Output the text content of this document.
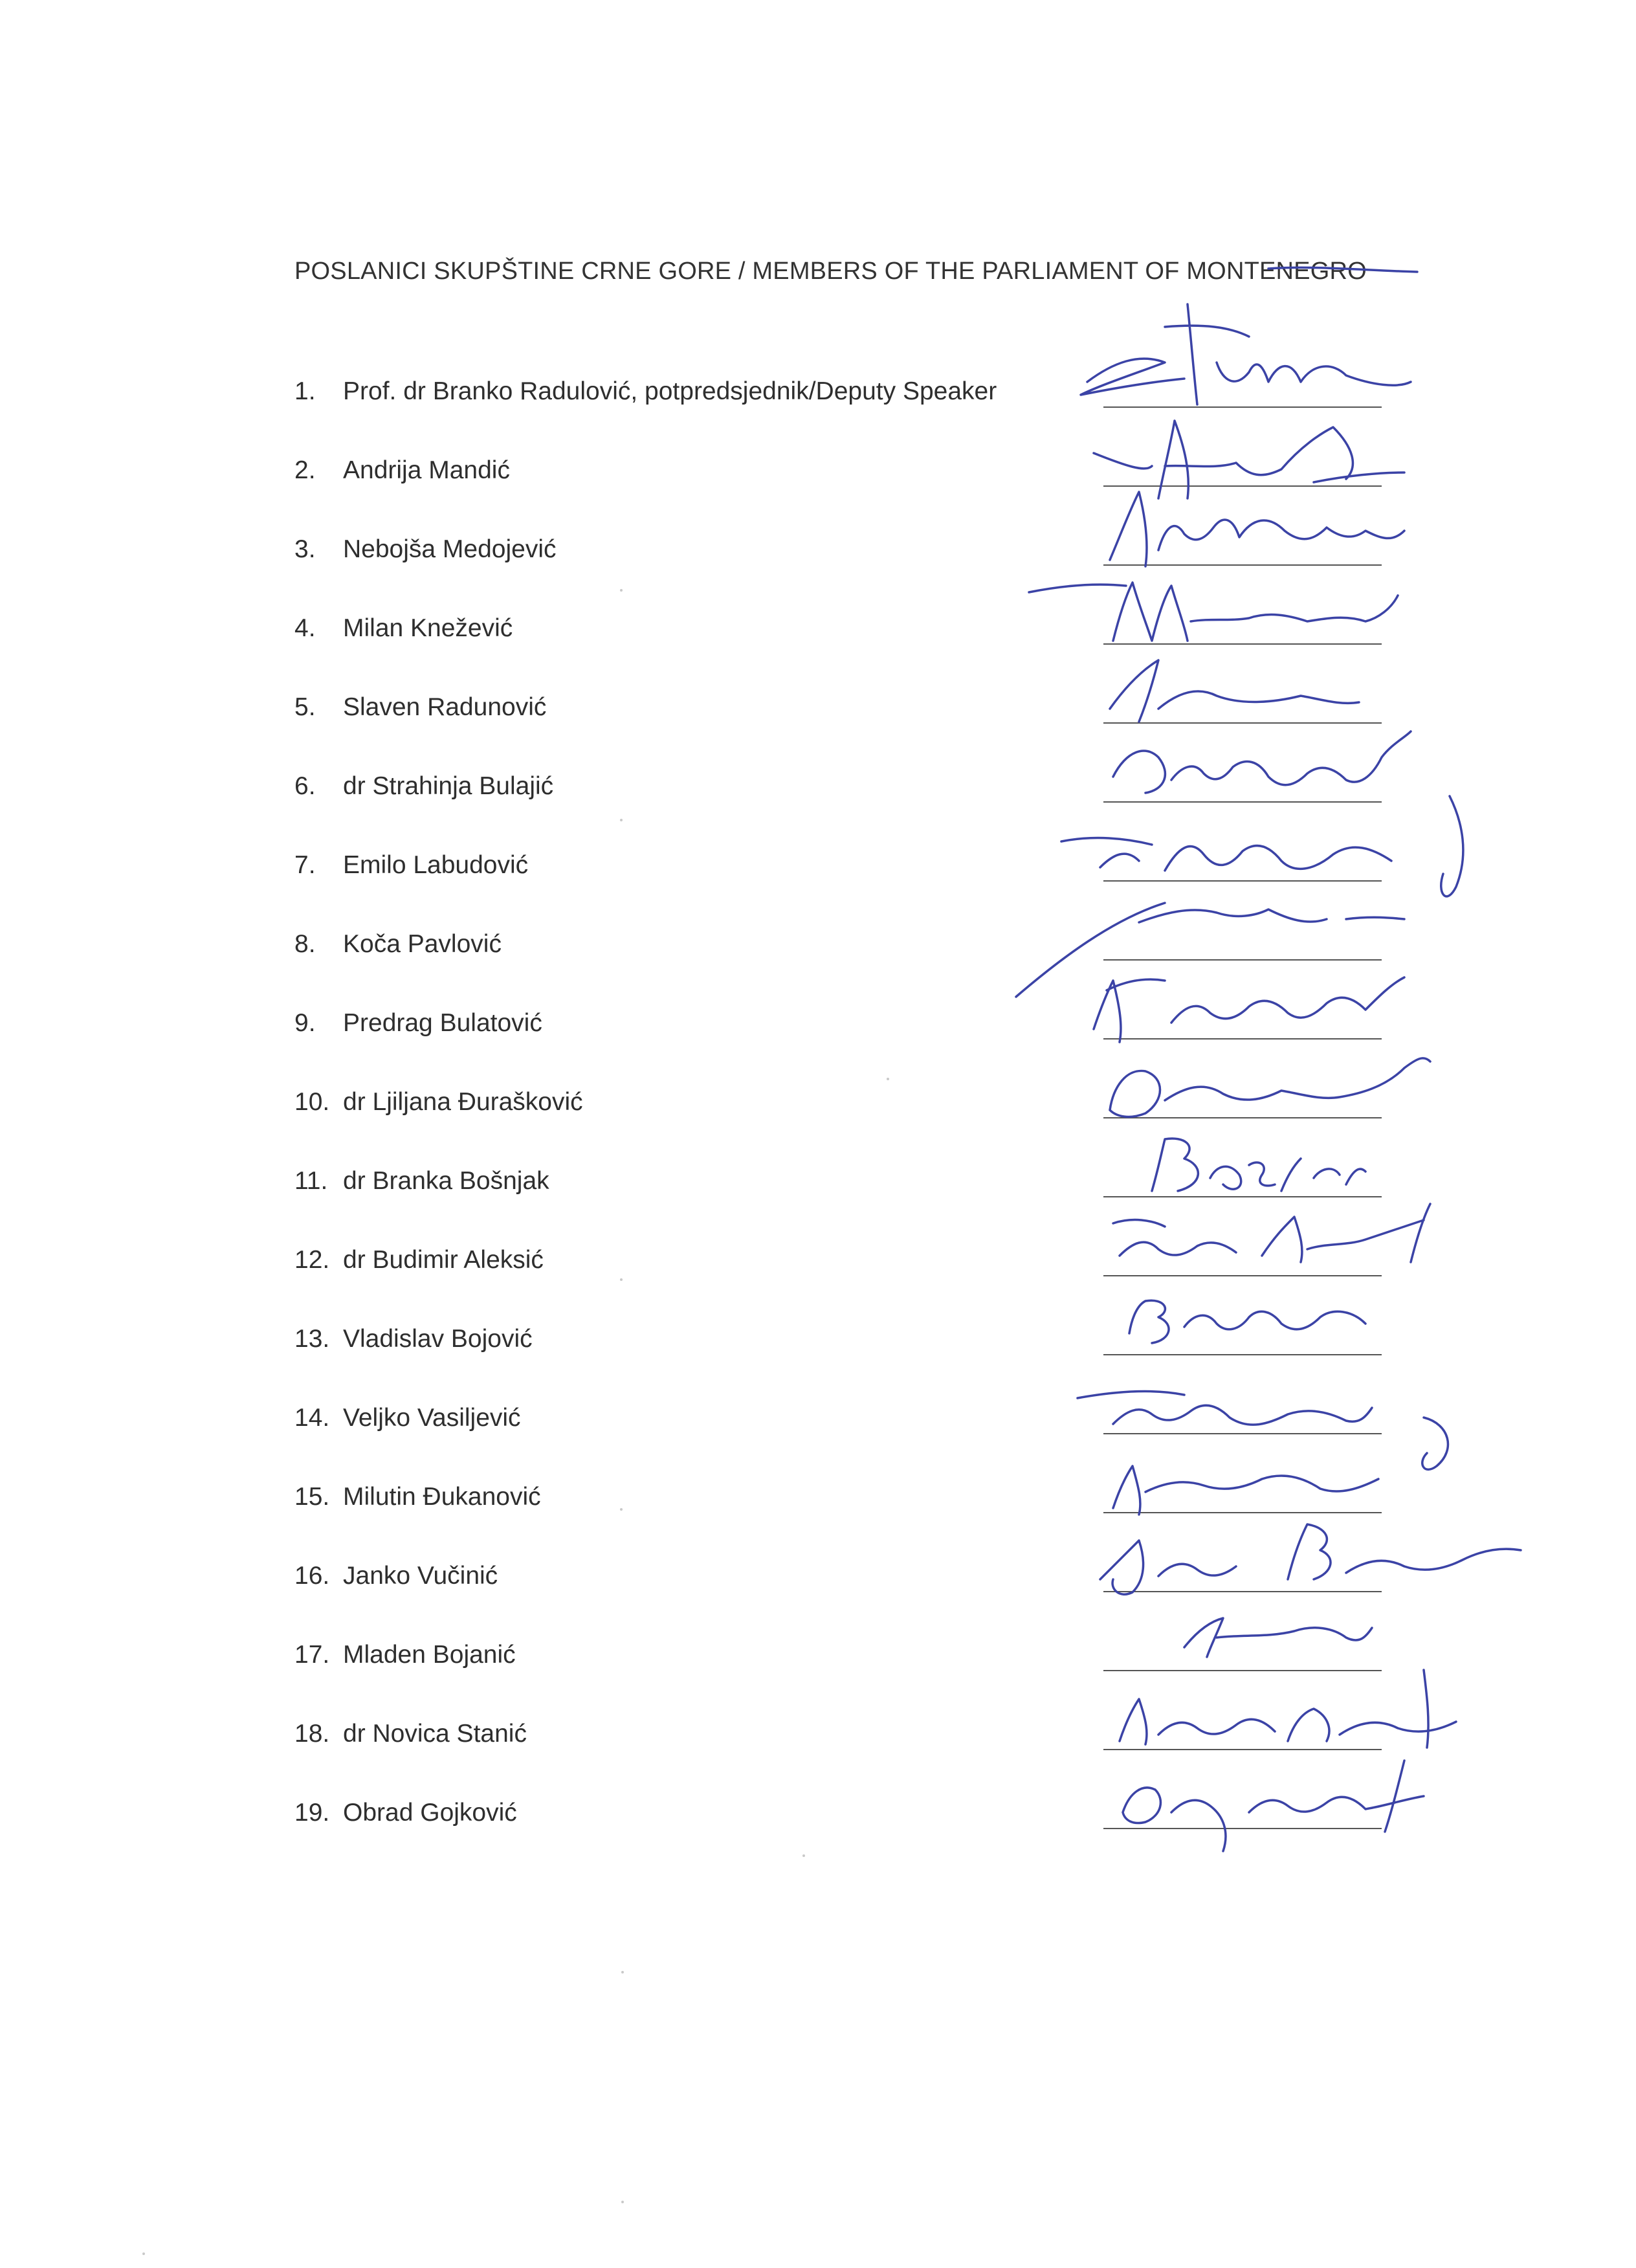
POSLANICI SKUPŠTINE CRNE GORE / MEMBERS OF THE PARLIAMENT OF MONTENEGRO
1. Prof. dr Branko Radulović, potpredsjednik/Deputy Speaker
2. Andrija Mandić
3. Nebojša Medojević
4. Milan Knežević
5. Slaven Radunović
6. dr Strahinja Bulajić
7. Emilo Labudović
8. Koča Pavlović
9. Predrag Bulatović
10. dr Ljiljana Đurašković
11. dr Branka Bošnjak
12. dr Budimir Aleksić
13. Vladislav Bojović
14. Veljko Vasiljević
15. Milutin Đukanović
16. Janko Vučinić
17. Mladen Bojanić
18. dr Novica Stanić
19. Obrad Gojković
